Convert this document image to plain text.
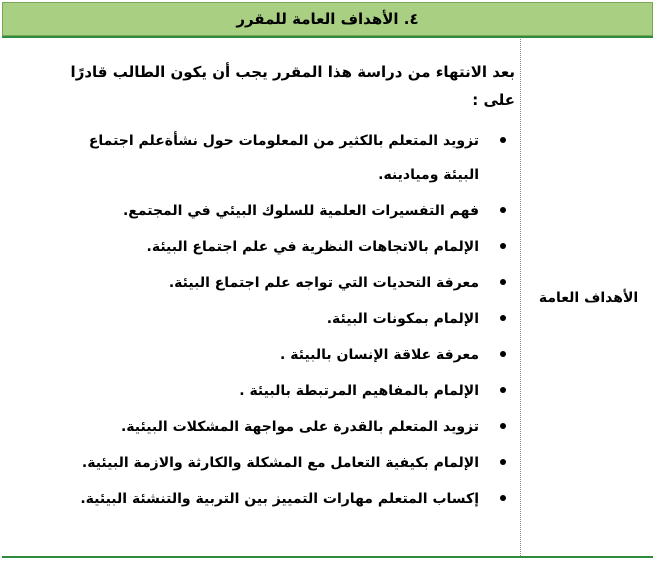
٤. الأهداف العامة للمقرر
الأهداف العامة

بعد الانتهاء من دراسة هذا المقرر يجب أن يكون الطالب قادرًا على :

تزويد المتعلم بالكثير من المعلومات حول نشأةعلم اجتماع البيئة وميادينه.
فهم التفسيرات العلمية للسلوك البيئي في المجتمع.
الإلمام بالاتجاهات النظرية في علم اجتماع البيئة.
معرفة التحديات التي تواجه علم اجتماع البيئة.
الإلمام بمكونات البيئة.
معرفة علاقة الإنسان بالبيئة .
الإلمام بالمفاهيم المرتبطة بالبيئة .
تزويد المتعلم بالقدرة على مواجهة المشكلات البيئية.
الإلمام بكيفية التعامل مع المشكلة والكارثة والازمة البيئية.
إكساب المتعلم مهارات التمييز بين التربية والتنشئة البيئية.
